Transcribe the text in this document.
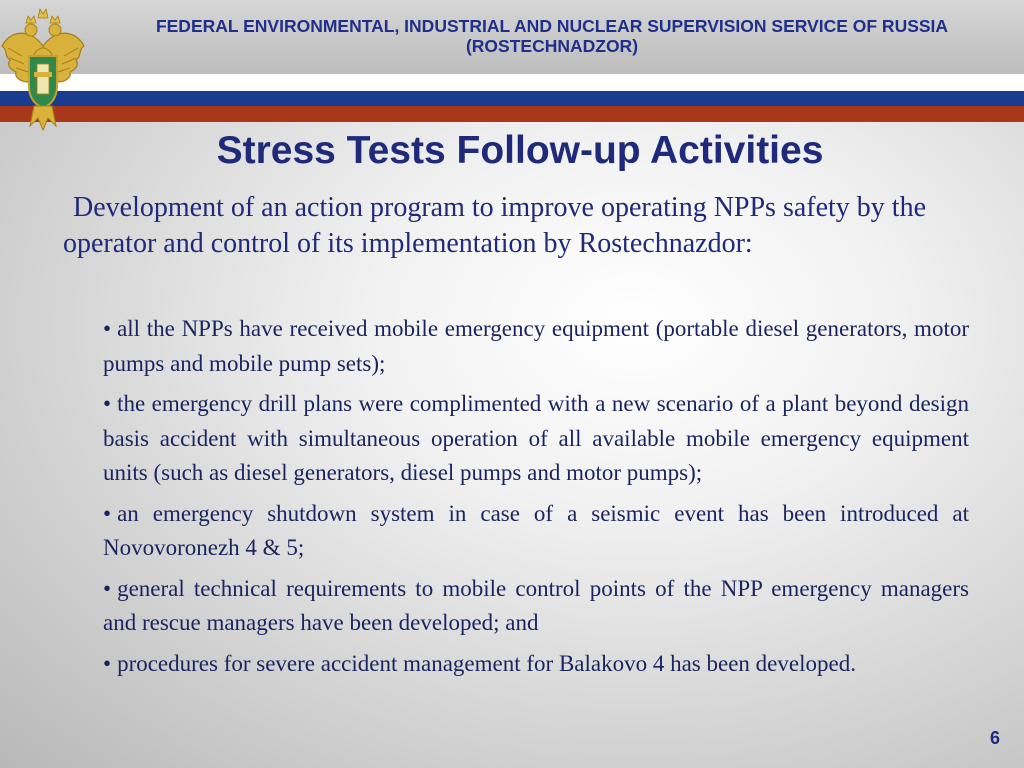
FEDERAL ENVIRONMENTAL, INDUSTRIAL AND NUCLEAR SUPERVISION SERVICE OF RUSSIA
(ROSTECHNADZOR)
Stress Tests Follow-up Activities

Development of an action program to improve operating NPPs safety by the operator and control of its implementation by Rostechnazdor:

• all the NPPs have received mobile emergency equipment (portable diesel generators, motor pumps and mobile pump sets);
• the emergency drill plans were complimented with a new scenario of a plant beyond design basis accident with simultaneous operation of all available mobile emergency equipment units (such as diesel generators, diesel pumps and motor pumps);
• an emergency shutdown system in case of a seismic event has been introduced at Novovoronezh 4 & 5;
• general technical requirements to mobile control points of the NPP emergency managers and rescue managers have been developed; and
• procedures for severe accident management for Balakovo 4 has been developed.
6
